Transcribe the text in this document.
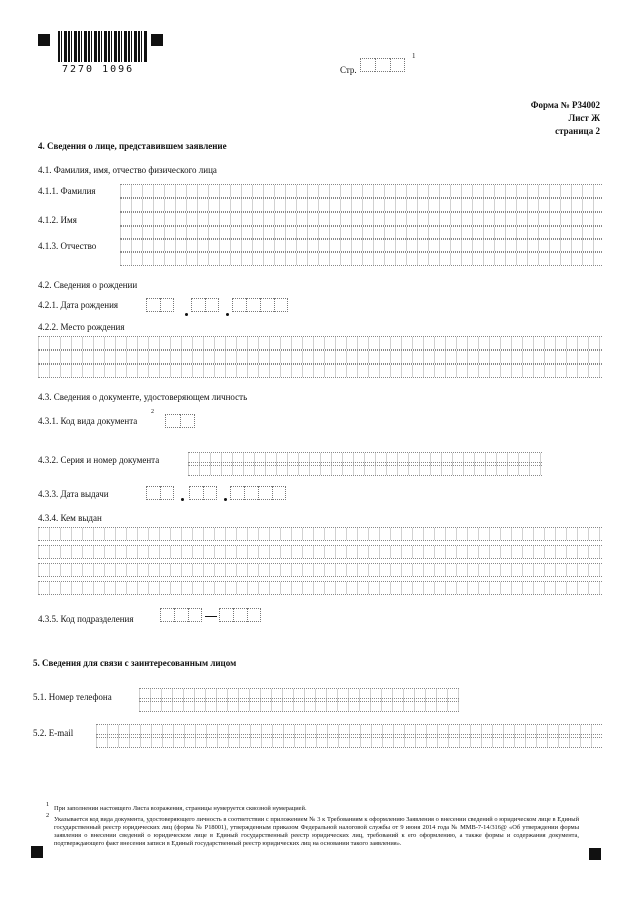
7270 1096	Стр.
1
Форма № Р34002
Лист Ж
страница 2
4. Сведения о лице, представившем заявление
4.1. Фамилия, имя, отчество физического лица
4.1.1. Фамилия
4.1.2. Имя
4.1.3. Отчество
4.2. Сведения о рождении
4.2.1. Дата рождения
4.2.2. Место рождения
4.3. Сведения о документе, удостоверяющем личность
4.3.1. Код вида документа
2
4.3.2. Серия и номер документа
4.3.3. Дата выдачи
4.3.4. Кем выдан
4.3.5. Код подразделения
5. Сведения для связи с заинтересованным лицом
5.1. Номер телефона
5.2. E-mail
1
При заполнении настоящего Листа возражения, страницы нумеруется сквозной нумерацией.
2
Указывается код вида документа, удостоверяющего личность в соответствии с приложением № 3 к Требованиям к оформлению Заявления о внесении сведений о юридическом лице в Единый государственный реестр юридических лиц (форма № Р18001), утвержденным приказом Федеральной налоговой службы от 9 июня 2014 года № ММВ-7-14/316@ «Об утверждении формы заявления о внесении сведений о юридическом лице в Единый государственный реестр юридических лиц, требований к его оформлению, а также формы и содержания документа, подтверждающего факт внесения записи в Единый государственный реестр юридических лиц на основании такого заявления».
